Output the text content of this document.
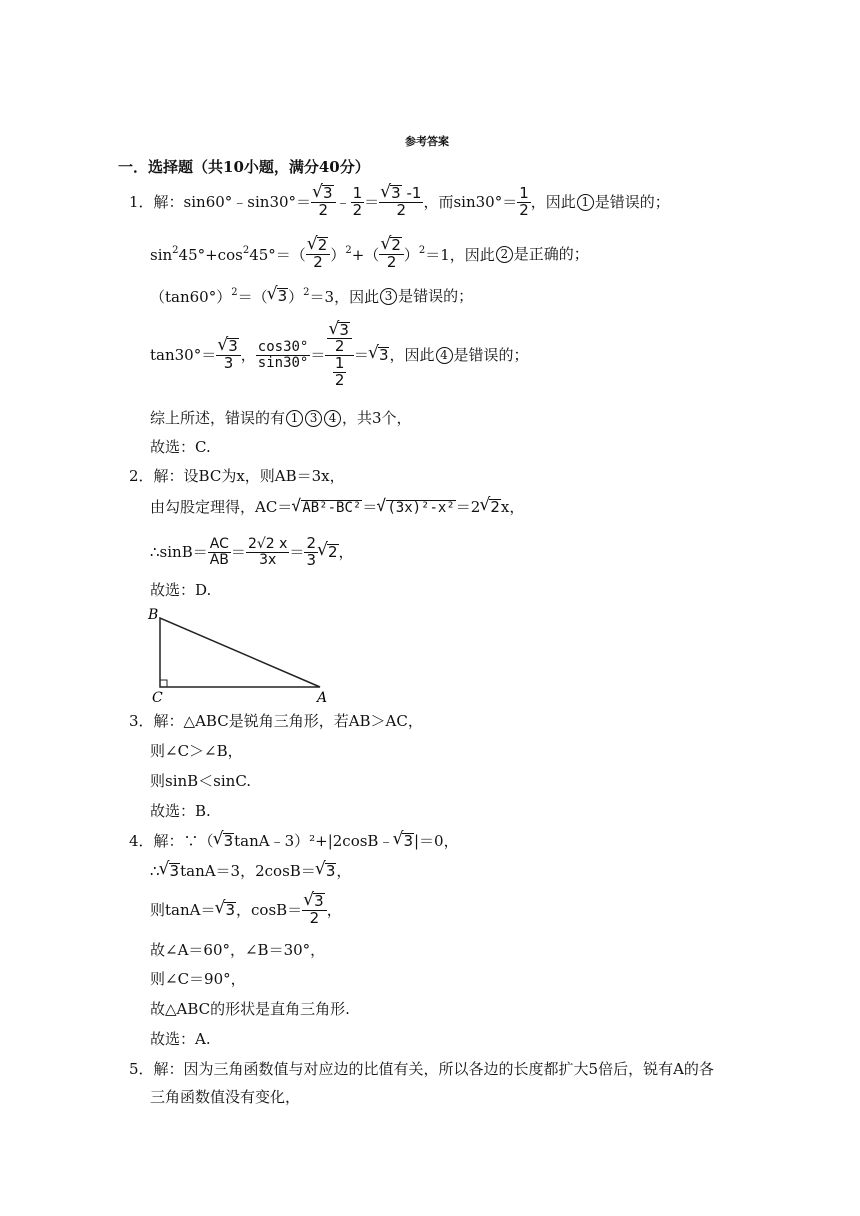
参考答案
一．选择题（共10小题，满分40分）
1． 解：sin60°﹣sin30°＝ √ $\frac{3}{2}$ ﹣ $\frac{1}{2}$ ＝ √ $\frac{3 -1}{2}$ ，而$\sin 30^\circ= \frac{1}{2}$ ，因此 1 是错误的；
$\sin^245^\circ+\cos^245^\circ=$（ √ $\frac{2}{2} )^2+$（ √ $\frac{2}{2} )^2=1$，因此 2 是正确的；
$(\tan 60^\circ)^2=$（ √ 3 ）$^2$＝3，因此 3 是错误的；
tan30°＝ √ $\frac{3}{3}$ ， $\frac{\cos 30^\circ}{\sin 30^\circ}$ ＝ √ $\frac{\frac{3}{2}}{\frac{1}{2}}$ ＝ √ 3 ，因此 4 是错误的；
综上所述，错误的有 1 3 4 ，共3个，
故选：C.
2．解：设BC为x，则AB＝3x，
由勾股定理得，AC＝ √ AB²-BC² ＝ √ (3x)²-x² ＝2 √ 2 x，
∴sinB＝ $\frac{AC}{AB} = \frac{2√2 x}{3x} = \frac{2}{3}$ √ 2 ，
故选：D.
B
C	A
3．解：△ABC是锐角三角形，若AB＞AC，
则∠C＞∠B，
则sinB＜sinC.
故选：B.
4． 解：∵（ √ 3 tanA﹣3）²+|2cosB﹣ √ 3 |＝0，
∴ √ 3 tanA＝3，2cosB＝ √ 3 ，
则tanA＝ √ 3 ，cosB＝ √ $\frac{3}{2}$ ，
故∠A＝60°，∠B＝30°，
则∠C＝90°，
故△ABC的形状是直角三角形.
故选：A.
5．解：因为三角函数值与对应边的比值有关，所以各边的长度都扩大5倍后，锐有A的各
三角函数值没有变化，
